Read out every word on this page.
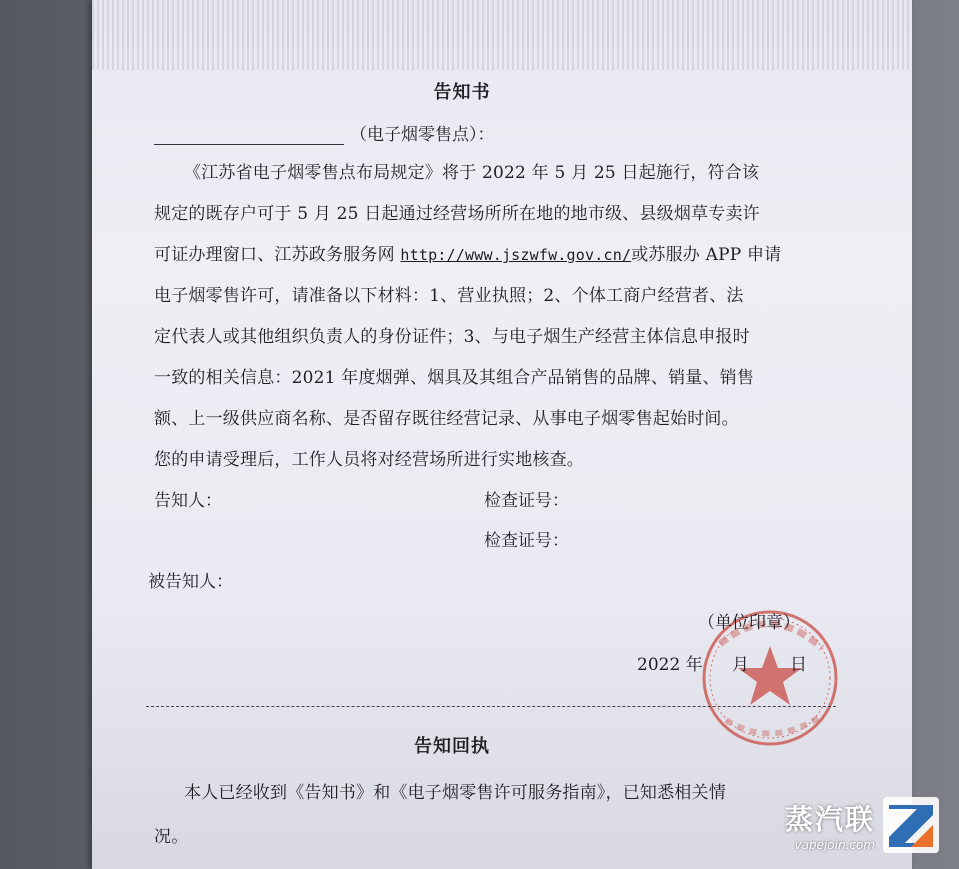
告知书
（电子烟零售点）：
《江苏省电子烟零售点布局规定》将于 2022 年 5 月 25 日起施行，符合该
规定的既存户可于 5 月 25 日起通过经营场所所在地的地市级、县级烟草专卖许
可证办理窗口、江苏政务服务网 http://www.jszwfw.gov.cn/或苏服办 APP 申请
电子烟零售许可，请准备以下材料：1、营业执照；2、个体工商户经营者、法
定代表人或其他组织负责人的身份证件；3、与电子烟生产经营主体信息申报时
一致的相关信息：2021 年度烟弹、烟具及其组合产品销售的品牌、销量、销售
额、上一级供应商名称、是否留存既往经营记录、从事电子烟零售起始时间。
您的申请受理后，工作人员将对经营场所进行实地核查。
告知人：	检查证号：
检查证号：
被告知人：
（单位印章）
2022 年 月 日
告知回执
本人已经收到《告知书》和《电子烟零售许可服务指南》，已知悉相关情
况。
蒸汽联
vapejoin.com
